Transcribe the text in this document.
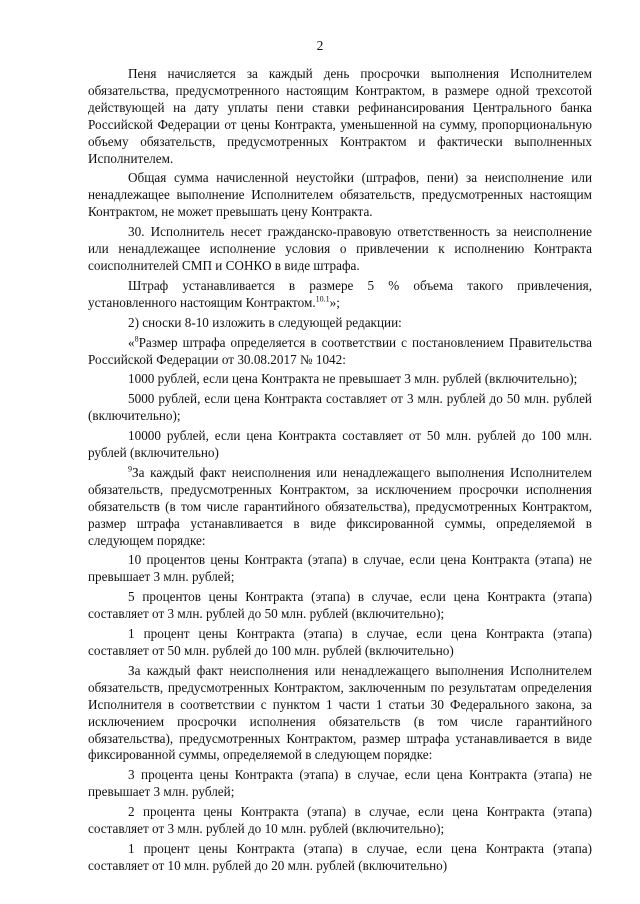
2

Пеня начисляется за каждый день просрочки выполнения Исполнителем обязательства, предусмотренного настоящим Контрактом, в размере одной трехсотой действующей на дату уплаты пени ставки рефинансирования Центрального банка Российской Федерации от цены Контракта, уменьшенной на сумму, пропорциональную объему обязательств, предусмотренных Контрактом и фактически выполненных Исполнителем.

Общая сумма начисленной неустойки (штрафов, пени) за неисполнение или ненадлежащее выполнение Исполнителем обязательств, предусмотренных настоящим Контрактом, не может превышать цену Контракта.

30. Исполнитель несет гражданско-правовую ответственность за неисполнение или ненадлежащее исполнение условия о привлечении к исполнению Контракта соисполнителей СМП и СОНКО в виде штрафа.

Штраф устанавливается в размере 5 % объема такого привлечения, установленного настоящим Контрактом.$^{10.1}$»;

2) сноски 8-10 изложить в следующей редакции:

«$^8$Размер штрафа определяется в соответствии с постановлением Правительства Российской Федерации от 30.08.2017 № 1042:

1000 рублей, если цена Контракта не превышает 3 млн. рублей (включительно);

5000 рублей, если цена Контракта составляет от 3 млн. рублей до 50 млн. рублей (включительно);

10000 рублей, если цена Контракта составляет от 50 млн. рублей до 100 млн. рублей (включительно)

$^9$За каждый факт неисполнения или ненадлежащего выполнения Исполнителем обязательств, предусмотренных Контрактом, за исключением просрочки исполнения обязательств (в том числе гарантийного обязательства), предусмотренных Контрактом, размер штрафа устанавливается в виде фиксированной суммы, определяемой в следующем порядке:

10 процентов цены Контракта (этапа) в случае, если цена Контракта (этапа) не превышает 3 млн. рублей;

5 процентов цены Контракта (этапа) в случае, если цена Контракта (этапа) составляет от 3 млн. рублей до 50 млн. рублей (включительно);

1 процент цены Контракта (этапа) в случае, если цена Контракта (этапа) составляет от 50 млн. рублей до 100 млн. рублей (включительно)

За каждый факт неисполнения или ненадлежащего выполнения Исполнителем обязательств, предусмотренных Контрактом, заключенным по результатам определения Исполнителя в соответствии с пунктом 1 части 1 статьи 30 Федерального закона, за исключением просрочки исполнения обязательств (в том числе гарантийного обязательства), предусмотренных Контрактом, размер штрафа устанавливается в виде фиксированной суммы, определяемой в следующем порядке:

3 процента цены Контракта (этапа) в случае, если цена Контракта (этапа) не превышает 3 млн. рублей;

2 процента цены Контракта (этапа) в случае, если цена Контракта (этапа) составляет от 3 млн. рублей до 10 млн. рублей (включительно);

1 процент цены Контракта (этапа) в случае, если цена Контракта (этапа) составляет от 10 млн. рублей до 20 млн. рублей (включительно)
